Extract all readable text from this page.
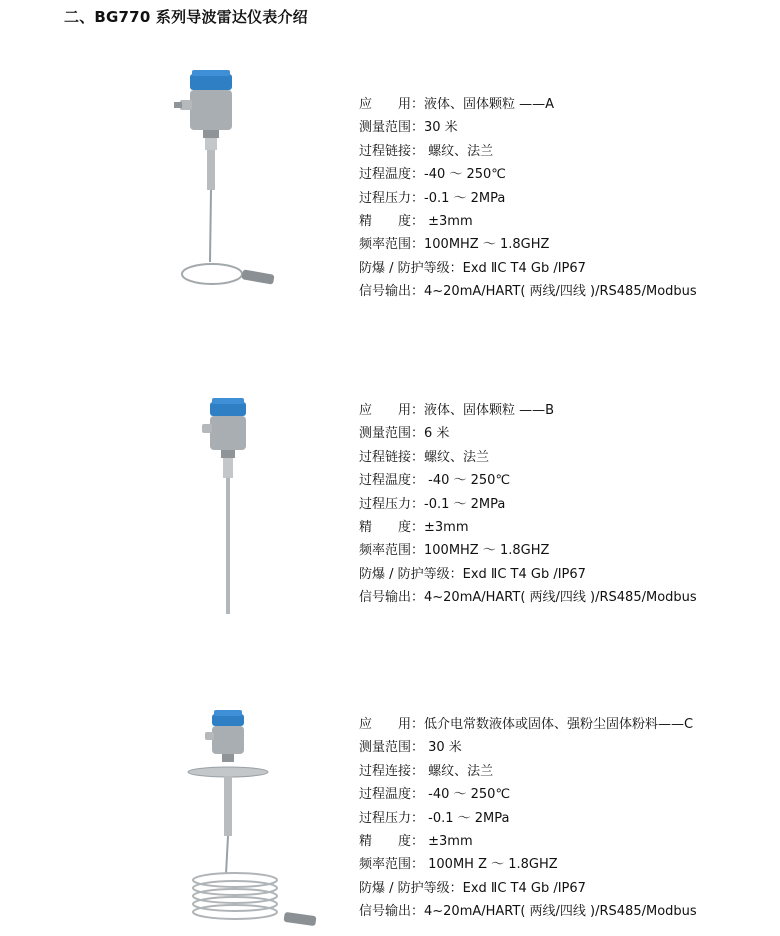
二、BG770 系列导波雷达仪表介绍
应　　用：液体、固体颗粒 ——A
测量范围：30 米
过程链接： 螺纹、法兰
过程温度：-40 ～ 250℃
过程压力：-0.1 ～ 2MPa
精　　度： ±3mm
频率范围：100MHZ ～ 1.8GHZ
防爆 / 防护等级：Exd ⅡC T4 Gb /IP67
信号输出：4~20mA/HART( 两线/四线 )/RS485/Modbus
应　　用：液体、固体颗粒 ——B
测量范围：6 米
过程链接：螺纹、法兰
过程温度： -40 ～ 250℃
过程压力：-0.1 ～ 2MPa
精　　度：±3mm
频率范围：100MHZ ～ 1.8GHZ
防爆 / 防护等级：Exd ⅡC T4 Gb /IP67
信号输出：4~20mA/HART( 两线/四线 )/RS485/Modbus
应　　用：低介电常数液体或固体、强粉尘固体粉料——C
测量范围： 30 米
过程连接： 螺纹、法兰
过程温度： -40 ～ 250℃
过程压力： -0.1 ～ 2MPa
精　　度： ±3mm
频率范围： 100MH Z ～ 1.8GHZ
防爆 / 防护等级：Exd ⅡC T4 Gb /IP67
信号输出：4~20mA/HART( 两线/四线 )/RS485/Modbus
